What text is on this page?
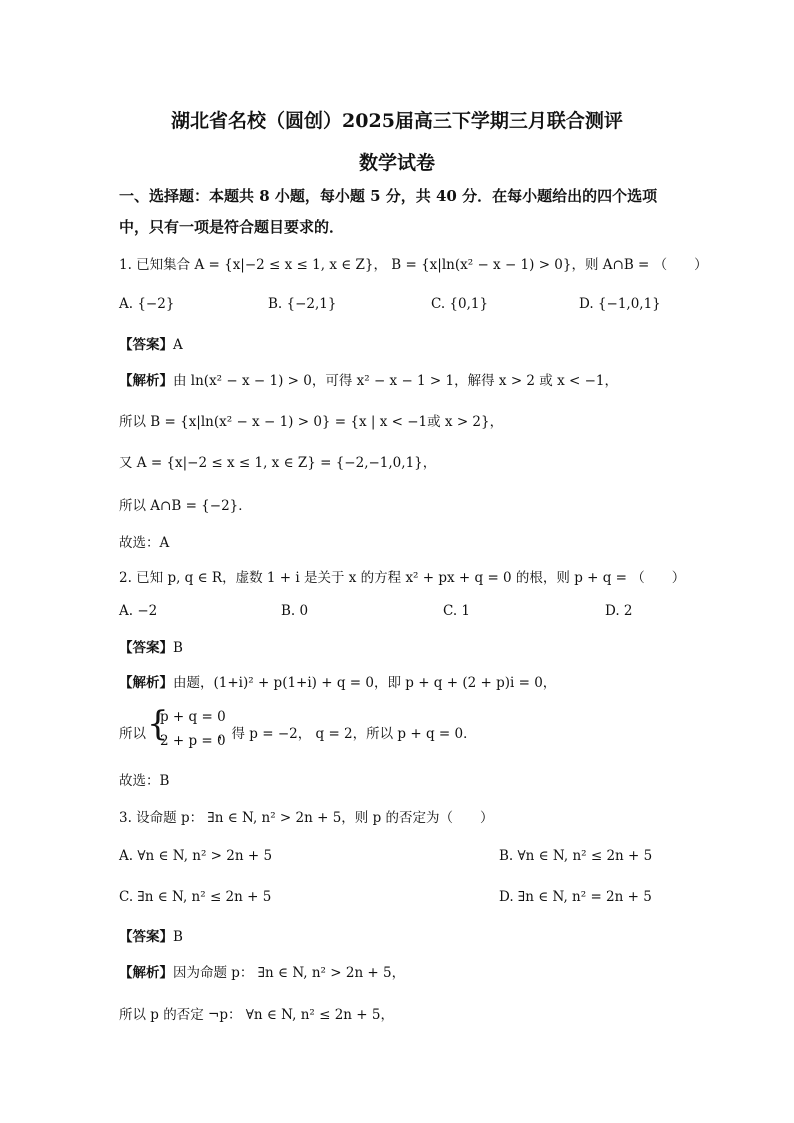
湖北省名校（圆创）2025届高三下学期三月联合测评
数学试卷
一、选择题：本题共 8 小题，每小题 5 分，共 40 分．在每小题给出的四个选项
中，只有一项是符合题目要求的．
1. 已知集合 A = {x|−2 ≤ x ≤ 1, x ∈ Z}， B = {x|ln(x² − x − 1) > 0}，则 A∩B = （　　）
A. {−2}	B. {−2,1}	C. {0,1}	D. {−1,0,1}
【答案】A
【解析】由 ln(x² − x − 1) > 0，可得 x² − x − 1 > 1，解得 x > 2 或 x < −1，
所以 B = {x|ln(x² − x − 1) > 0} = {x | x < −1或 x > 2}，
又 A = {x|−2 ≤ x ≤ 1, x ∈ Z} = {−2,−1,0,1}，
所以 A∩B = {−2}．
故选：A
2. 已知 p, q ∈ R，虚数 1 + i 是关于 x 的方程 x² + px + q = 0 的根，则 p + q = （　　）
A. −2	B. 0	C. 1	D. 2
【答案】B
【解析】由题，(1+i)² + p(1+i) + q = 0，即 p + q + (2 + p)i = 0，
所以 {
p + q = 0
2 + p = 0
，得 p = −2， q = 2，所以 p + q = 0．
故选：B
3. 设命题 p： ∃n ∈ N, n² > 2n + 5，则 p 的否定为（　　）
A. ∀n ∈ N, n² > 2n + 5	B. ∀n ∈ N, n² ≤ 2n + 5
C. ∃n ∈ N, n² ≤ 2n + 5	D. ∃n ∈ N, n² = 2n + 5
【答案】B
【解析】因为命题 p： ∃n ∈ N, n² > 2n + 5，
所以 p 的否定 ¬p： ∀n ∈ N, n² ≤ 2n + 5，
